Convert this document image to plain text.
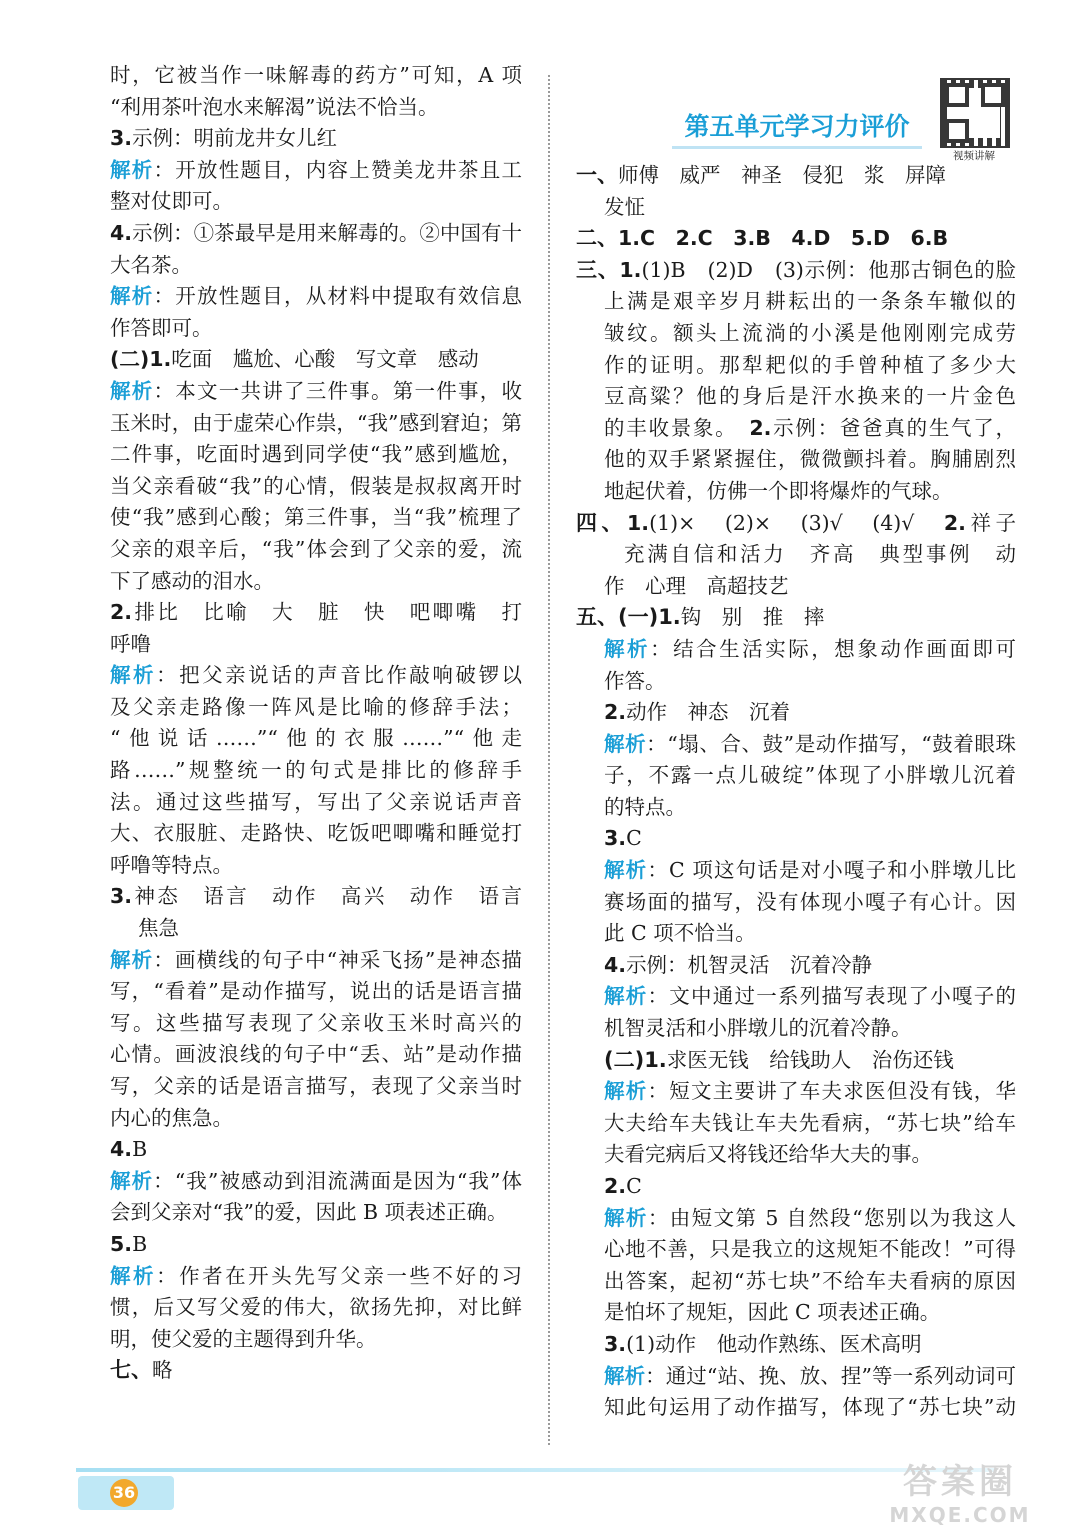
时，它被当作一味解毒的药方”可知，A 项
“利用茶叶泡水来解渴”说法不恰当。
3.示例：明前龙井女儿红
解析：开放性题目，内容上赞美龙井茶且工
整对仗即可。
4.示例：①茶最早是用来解毒的。②中国有十
大名茶。
解析：开放性题目，从材料中提取有效信息
作答即可。
(二)1.吃面　尴尬、心酸　写文章　感动
解析：本文一共讲了三件事。第一件事，收
玉米时，由于虚荣心作祟，“我”感到窘迫；第
二件事，吃面时遇到同学使“我”感到尴尬，
当父亲看破“我”的心情，假装是叔叔离开时
使“我”感到心酸；第三件事，当“我”梳理了
父亲的艰辛后，“我”体会到了父亲的爱，流
下了感动的泪水。
2.排比　比喻　大　脏　快　吧唧嘴　打
呼噜
解析：把父亲说话的声音比作敲响破锣以
及父亲走路像一阵风是比喻的修辞手法；
“他说话……”“他的衣服……”“他走
路……”规整统一的句式是排比的修辞手
法。通过这些描写，写出了父亲说话声音
大、衣服脏、走路快、吃饭吧唧嘴和睡觉打
呼噜等特点。
3.神态　语言　动作　高兴　动作　语言
焦急
解析：画横线的句子中“神采飞扬”是神态描
写，“看着”是动作描写，说出的话是语言描
写。这些描写表现了父亲收玉米时高兴的
心情。画波浪线的句子中“丢、站”是动作描
写，父亲的话是语言描写，表现了父亲当时
内心的焦急。
4.B
解析：“我”被感动到泪流满面是因为“我”体
会到父亲对“我”的爱，因此 B 项表述正确。
5.B
解析：作者在开头先写父亲一些不好的习
惯，后又写父爱的伟大，欲扬先抑，对比鲜
明，使父爱的主题得到升华。
七、略
视频讲解
第五单元学习力评价
一、师傅　威严　神圣　侵犯　浆　屏障
发怔
二、1.C　2.C　3.B　4.D　5.D　6.B
三、1.(1)B　(2)D　(3)示例：他那古铜色的脸
上满是艰辛岁月耕耘出的一条条车辙似的
皱纹。额头上流淌的小溪是他刚刚完成劳
作的证明。那犁耙似的手曾种植了多少大
豆高粱？他的身后是汗水换来的一片金色
的丰收景象。　2.示例：爸爸真的生气了，
他的双手紧紧握住，微微颤抖着。胸脯剧烈
地起伏着，仿佛一个即将爆炸的气球。
四、1.(1)×　(2)×　(3)√　(4)√　2.祥子
充满自信和活力　齐高　典型事例　动
作　心理　高超技艺
五、(一)1.钩　别　推　摔
解析：结合生活实际，想象动作画面即可
作答。
2.动作　神态　沉着
解析：“塌、合、鼓”是动作描写，“鼓着眼珠
子，不露一点儿破绽”体现了小胖墩儿沉着
的特点。
3.C
解析：C 项这句话是对小嘎子和小胖墩儿比
赛场面的描写，没有体现小嘎子有心计。因
此 C 项不恰当。
4.示例：机智灵活　沉着冷静
解析：文中通过一系列描写表现了小嘎子的
机智灵活和小胖墩儿的沉着冷静。
(二)1.求医无钱　给钱助人　治伤还钱
解析：短文主要讲了车夫求医但没有钱，华
大夫给车夫钱让车夫先看病，“苏七块”给车
夫看完病后又将钱还给华大夫的事。
2.C
解析：由短文第 5 自然段“您别以为我这人
心地不善，只是我立的这规矩不能改！”可得
出答案，起初“苏七块”不给车夫看病的原因
是怕坏了规矩，因此 C 项表述正确。
3.(1)动作　他动作熟练、医术高明
解析：通过“站、挽、放、捏”等一系列动词可
知此句运用了动作描写，体现了“苏七块”动
36	答案圈
MXQE.COM
